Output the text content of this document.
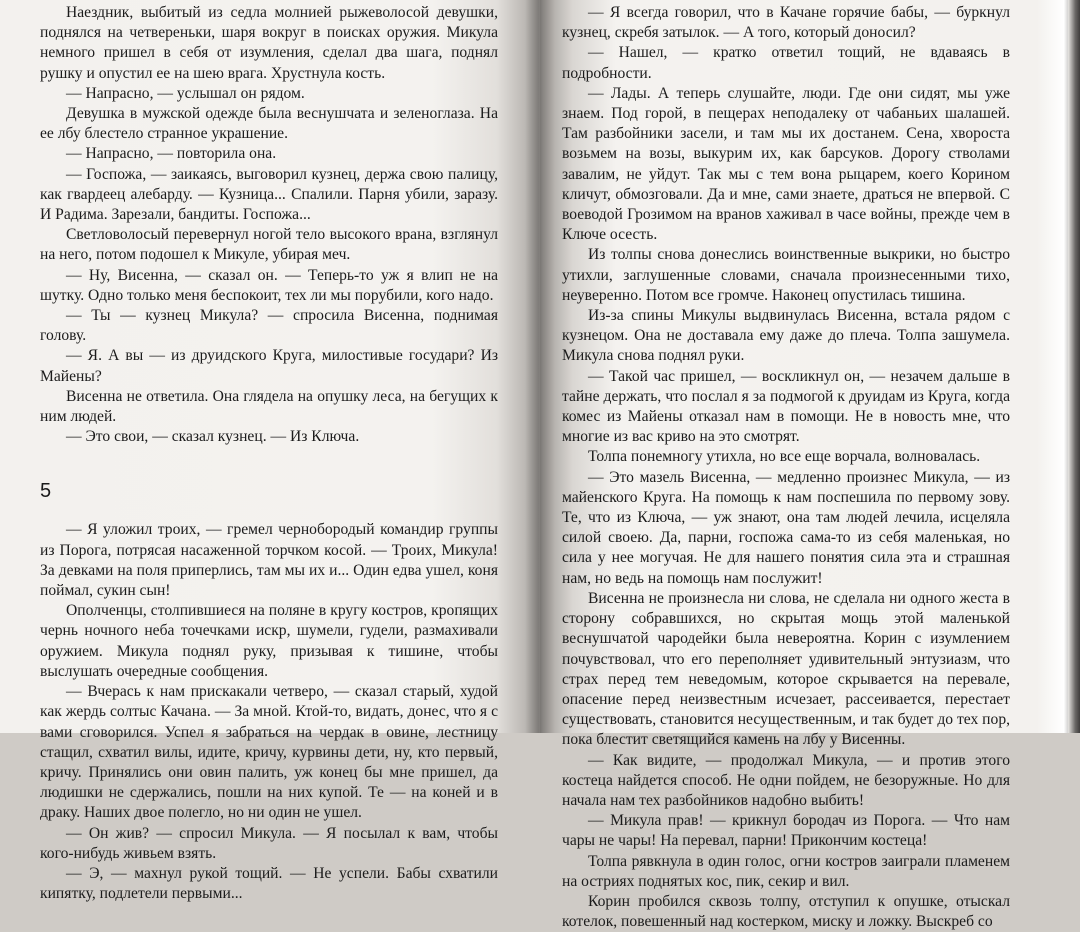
Наездник, выбитый из седла молнией рыжеволосой девушки, поднялся на четвереньки, шаря вокруг в поисках оружия. Микула немного пришел в себя от изумления, сделал два шага, поднял рушку и опустил ее на шею врага. Хрустнула кость.

— Напрасно, — услышал он рядом.

Девушка в мужской одежде была веснушчата и зеленоглаза. На ее лбу блестело странное украшение.

— Напрасно, — повторила она.

— Госпожа, — заикаясь, выговорил кузнец, держа свою палицу, как гвардеец алебарду. — Кузница... Спалили. Парня убили, заразу. И Радима. Зарезали, бандиты. Госпожа...

Светловолосый перевернул ногой тело высокого врана, взглянул на него, потом подошел к Микуле, убирая меч.

— Ну, Висенна, — сказал он. — Теперь-то уж я влип не на шутку. Одно только меня беспокоит, тех ли мы порубили, кого надо.

— Ты — кузнец Микула? — спросила Висенна, поднимая голову.

— Я. А вы — из друидского Круга, милостивые государи? Из Майены?

Висенна не ответила. Она глядела на опушку леса, на бегущих к ним людей.

— Это свои, — сказал кузнец. — Из Ключа.

5

— Я уложил троих, — гремел чернобородый командир группы из Порога, потрясая насаженной торчком косой. — Троих, Микула! За девками на поля приперлись, там мы их и... Один едва ушел, коня поймал, сукин сын!

Ополченцы, столпившиеся на поляне в кругу костров, кропящих чернь ночного неба точечками искр, шумели, гудели, размахивали оружием. Микула поднял руку, призывая к тишине, чтобы выслушать очередные сообщения.

— Вчерась к нам прискакали четверо, — сказал старый, худой как жердь солтыс Качана. — За мной. Ктой-то, видать, донес, что я с вами сговорился. Успел я забраться на чердак в овине, лестницу стащил, схватил вилы, идите, кричу, курвины дети, ну, кто первый, кричу. Принялись они овин палить, уж конец бы мне пришел, да людишки не сдержались, пошли на них купой. Те — на коней и в драку. Наших двое полегло, но ни один не ушел.

— Он жив? — спросил Микула. — Я посылал к вам, чтобы кого-нибудь живьем взять.

— Э, — махнул рукой тощий. — Не успели. Бабы схватили кипятку, подлетели первыми...

— Я всегда говорил, что в Качане горячие бабы, — буркнул кузнец, скребя затылок. — А того, который доносил?

— Нашел, — кратко ответил тощий, не вдаваясь в подробности.

— Лады. А теперь слушайте, люди. Где они сидят, мы уже знаем. Под горой, в пещерах неподалеку от чабаньих шалашей. Там разбойники засели, и там мы их достанем. Сена, хвороста возьмем на возы, выкурим их, как барсуков. Дорогу стволами завалим, не уйдут. Так мы с тем вона рыцарем, коего Корином кличут, обмозговали. Да и мне, сами знаете, драться не впервой. С воеводой Грозимом на вранов хаживал в часе войны, прежде чем в Ключе осесть.

Из толпы снова донеслись воинственные выкрики, но быстро утихли, заглушенные словами, сначала произнесенными тихо, неуверенно. Потом все громче. Наконец опустилась тишина.

Из-за спины Микулы выдвинулась Висенна, встала рядом с кузнецом. Она не доставала ему даже до плеча. Толпа зашумела. Микула снова поднял руки.

— Такой час пришел, — воскликнул он, — незачем дальше в тайне держать, что послал я за подмогой к друидам из Круга, когда комес из Майены отказал нам в помощи. Не в новость мне, что многие из вас криво на это смотрят.

Толпа понемногу утихла, но все еще ворчала, волновалась.

— Это мазель Висенна, — медленно произнес Микула, — из майенского Круга. На помощь к нам поспешила по первому зову. Те, что из Ключа, — уж знают, она там людей лечила, исцеляла силой своею. Да, парни, госпожа сама-то из себя маленькая, но сила у нее могучая. Не для нашего понятия сила эта и страшная нам, но ведь на помощь нам послужит!

Висенна не произнесла ни слова, не сделала ни одного жеста в сторону собравшихся, но скрытая мощь этой маленькой веснушчатой чародейки была невероятна. Корин с изумлением почувствовал, что его переполняет удивительный энтузиазм, что страх перед тем неведомым, которое скрывается на перевале, опасение перед неизвестным исчезает, рассеивается, перестает существовать, становится несущественным, и так будет до тех пор, пока блестит светящийся камень на лбу у Висенны.

— Как видите, — продолжал Микула, — и против этого костеца найдется способ. Не одни пойдем, не безоружные. Но для начала нам тех разбойников надобно выбить!

— Микула прав! — крикнул бородач из Порога. — Что нам чары не чары! На перевал, парни! Прикончим костеца!

Толпа рявкнула в один голос, огни костров заиграли пламенем на остриях поднятых кос, пик, секир и вил.

Корин пробился сквозь толпу, отступил к опушке, отыскал котелок, повешенный над костерком, миску и ложку. Выскреб со
